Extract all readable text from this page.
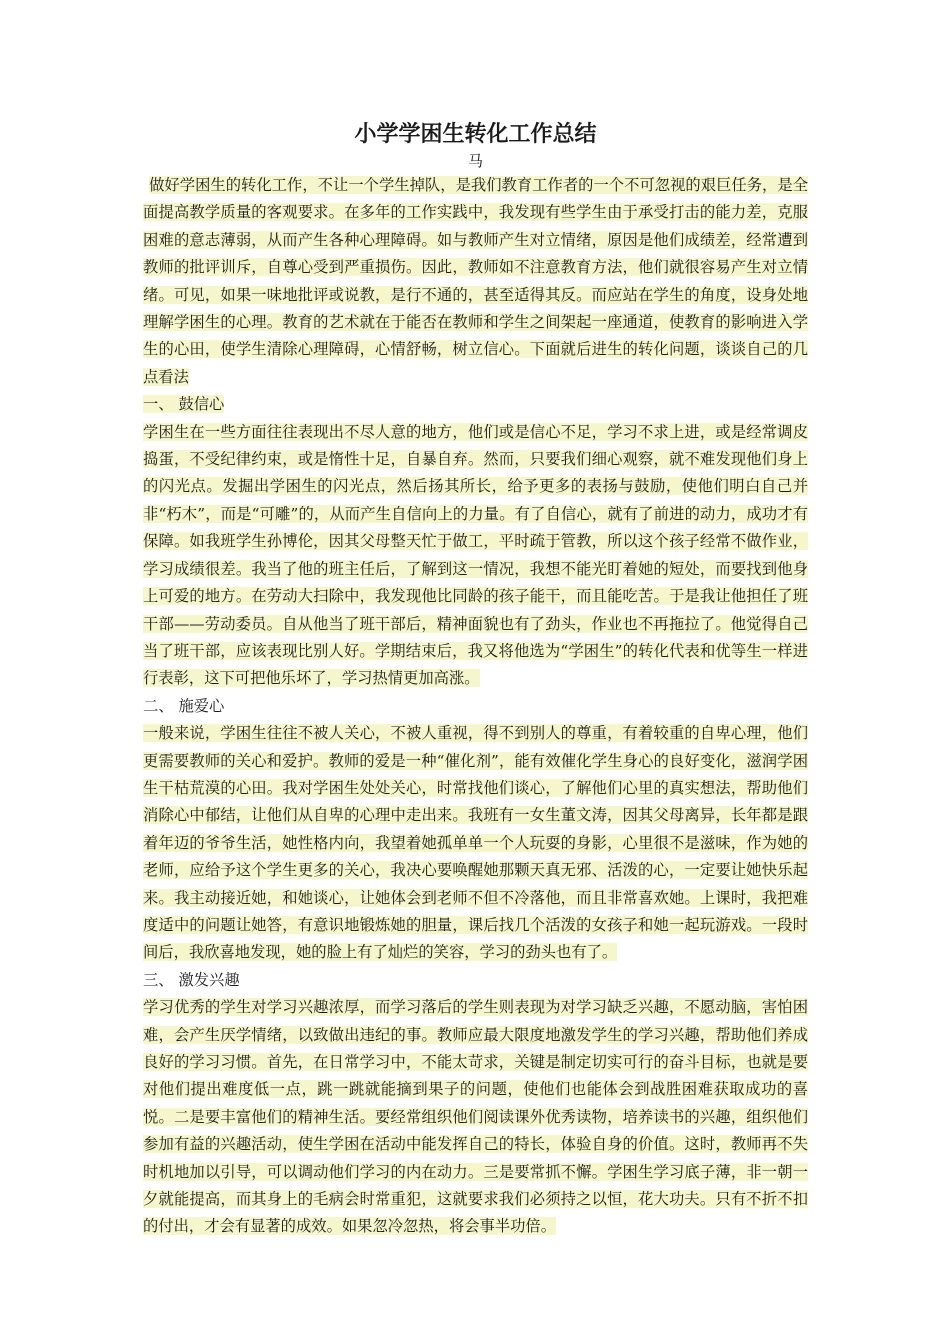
小学学困生转化工作总结

马

做好学困生的转化工作，不让一个学生掉队，是我们教育工作者的一个不可忽视的艰巨任务，是全面提高教学质量的客观要求。在多年的工作实践中，我发现有些学生由于承受打击的能力差，克服困难的意志薄弱，从而产生各种心理障碍。如与教师产生对立情绪，原因是他们成绩差，经常遭到教师的批评训斥，自尊心受到严重损伤。因此，教师如不注意教育方法，他们就很容易产生对立情绪。可见，如果一味地批评或说教，是行不通的，甚至适得其反。而应站在学生的角度，设身处地理解学困生的心理。教育的艺术就在于能否在教师和学生之间架起一座通道，使教育的影响进入学生的心田，使学生清除心理障碍，心情舒畅，树立信心。下面就后进生的转化问题，谈谈自己的几点看法

一、 鼓信心

学困生在一些方面往往表现出不尽人意的地方，他们或是信心不足，学习不求上进，或是经常调皮捣蛋，不受纪律约束，或是惰性十足，自暴自弃。然而，只要我们细心观察，就不难发现他们身上的闪光点。发掘出学困生的闪光点，然后扬其所长，给予更多的表扬与鼓励，使他们明白自己并非“朽木”，而是“可雕”的，从而产生自信向上的力量。有了自信心，就有了前进的动力，成功才有保障。如我班学生孙博伦，因其父母整天忙于做工，平时疏于管教，所以这个孩子经常不做作业，学习成绩很差。我当了他的班主任后，了解到这一情况，我想不能光盯着她的短处，而要找到他身上可爱的地方。在劳动大扫除中，我发现他比同龄的孩子能干，而且能吃苦。于是我让他担任了班干部——劳动委员。自从他当了班干部后，精神面貌也有了劲头，作业也不再拖拉了。他觉得自己当了班干部，应该表现比别人好。学期结束后，我又将他选为“学困生”的转化代表和优等生一样进行表彰，这下可把他乐坏了，学习热情更加高涨。

二、 施爱心

一般来说，学困生往往不被人关心，不被人重视，得不到别人的尊重，有着较重的自卑心理，他们更需要教师的关心和爱护。教师的爱是一种“催化剂”，能有效催化学生身心的良好变化，滋润学困生干枯荒漠的心田。我对学困生处处关心，时常找他们谈心，了解他们心里的真实想法，帮助他们消除心中郁结，让他们从自卑的心理中走出来。我班有一女生董文涛，因其父母离异，长年都是跟着年迈的爷爷生活，她性格内向，我望着她孤单单一个人玩耍的身影，心里很不是滋味，作为她的老师，应给予这个学生更多的关心，我决心要唤醒她那颗天真无邪、活泼的心，一定要让她快乐起来。我主动接近她，和她谈心，让她体会到老师不但不冷落他，而且非常喜欢她。上课时，我把难度适中的问题让她答，有意识地锻炼她的胆量，课后找几个活泼的女孩子和她一起玩游戏。一段时间后，我欣喜地发现，她的脸上有了灿烂的笑容，学习的劲头也有了。

三、 激发兴趣

学习优秀的学生对学习兴趣浓厚，而学习落后的学生则表现为对学习缺乏兴趣，不愿动脑，害怕困难，会产生厌学情绪，以致做出违纪的事。教师应最大限度地激发学生的学习兴趣，帮助他们养成良好的学习习惯。首先，在日常学习中，不能太苛求，关键是制定切实可行的奋斗目标，也就是要对他们提出难度低一点，跳一跳就能摘到果子的问题，使他们也能体会到战胜困难获取成功的喜悦。二是要丰富他们的精神生活。要经常组织他们阅读课外优秀读物，培养读书的兴趣，组织他们参加有益的兴趣活动，使生学困在活动中能发挥自己的特长，体验自身的价值。这时，教师再不失时机地加以引导，可以调动他们学习的内在动力。三是要常抓不懈。学困生学习底子薄，非一朝一夕就能提高，而其身上的毛病会时常重犯，这就要求我们必须持之以恒，花大功夫。只有不折不扣的付出，才会有显著的成效。如果忽冷忽热，将会事半功倍。
